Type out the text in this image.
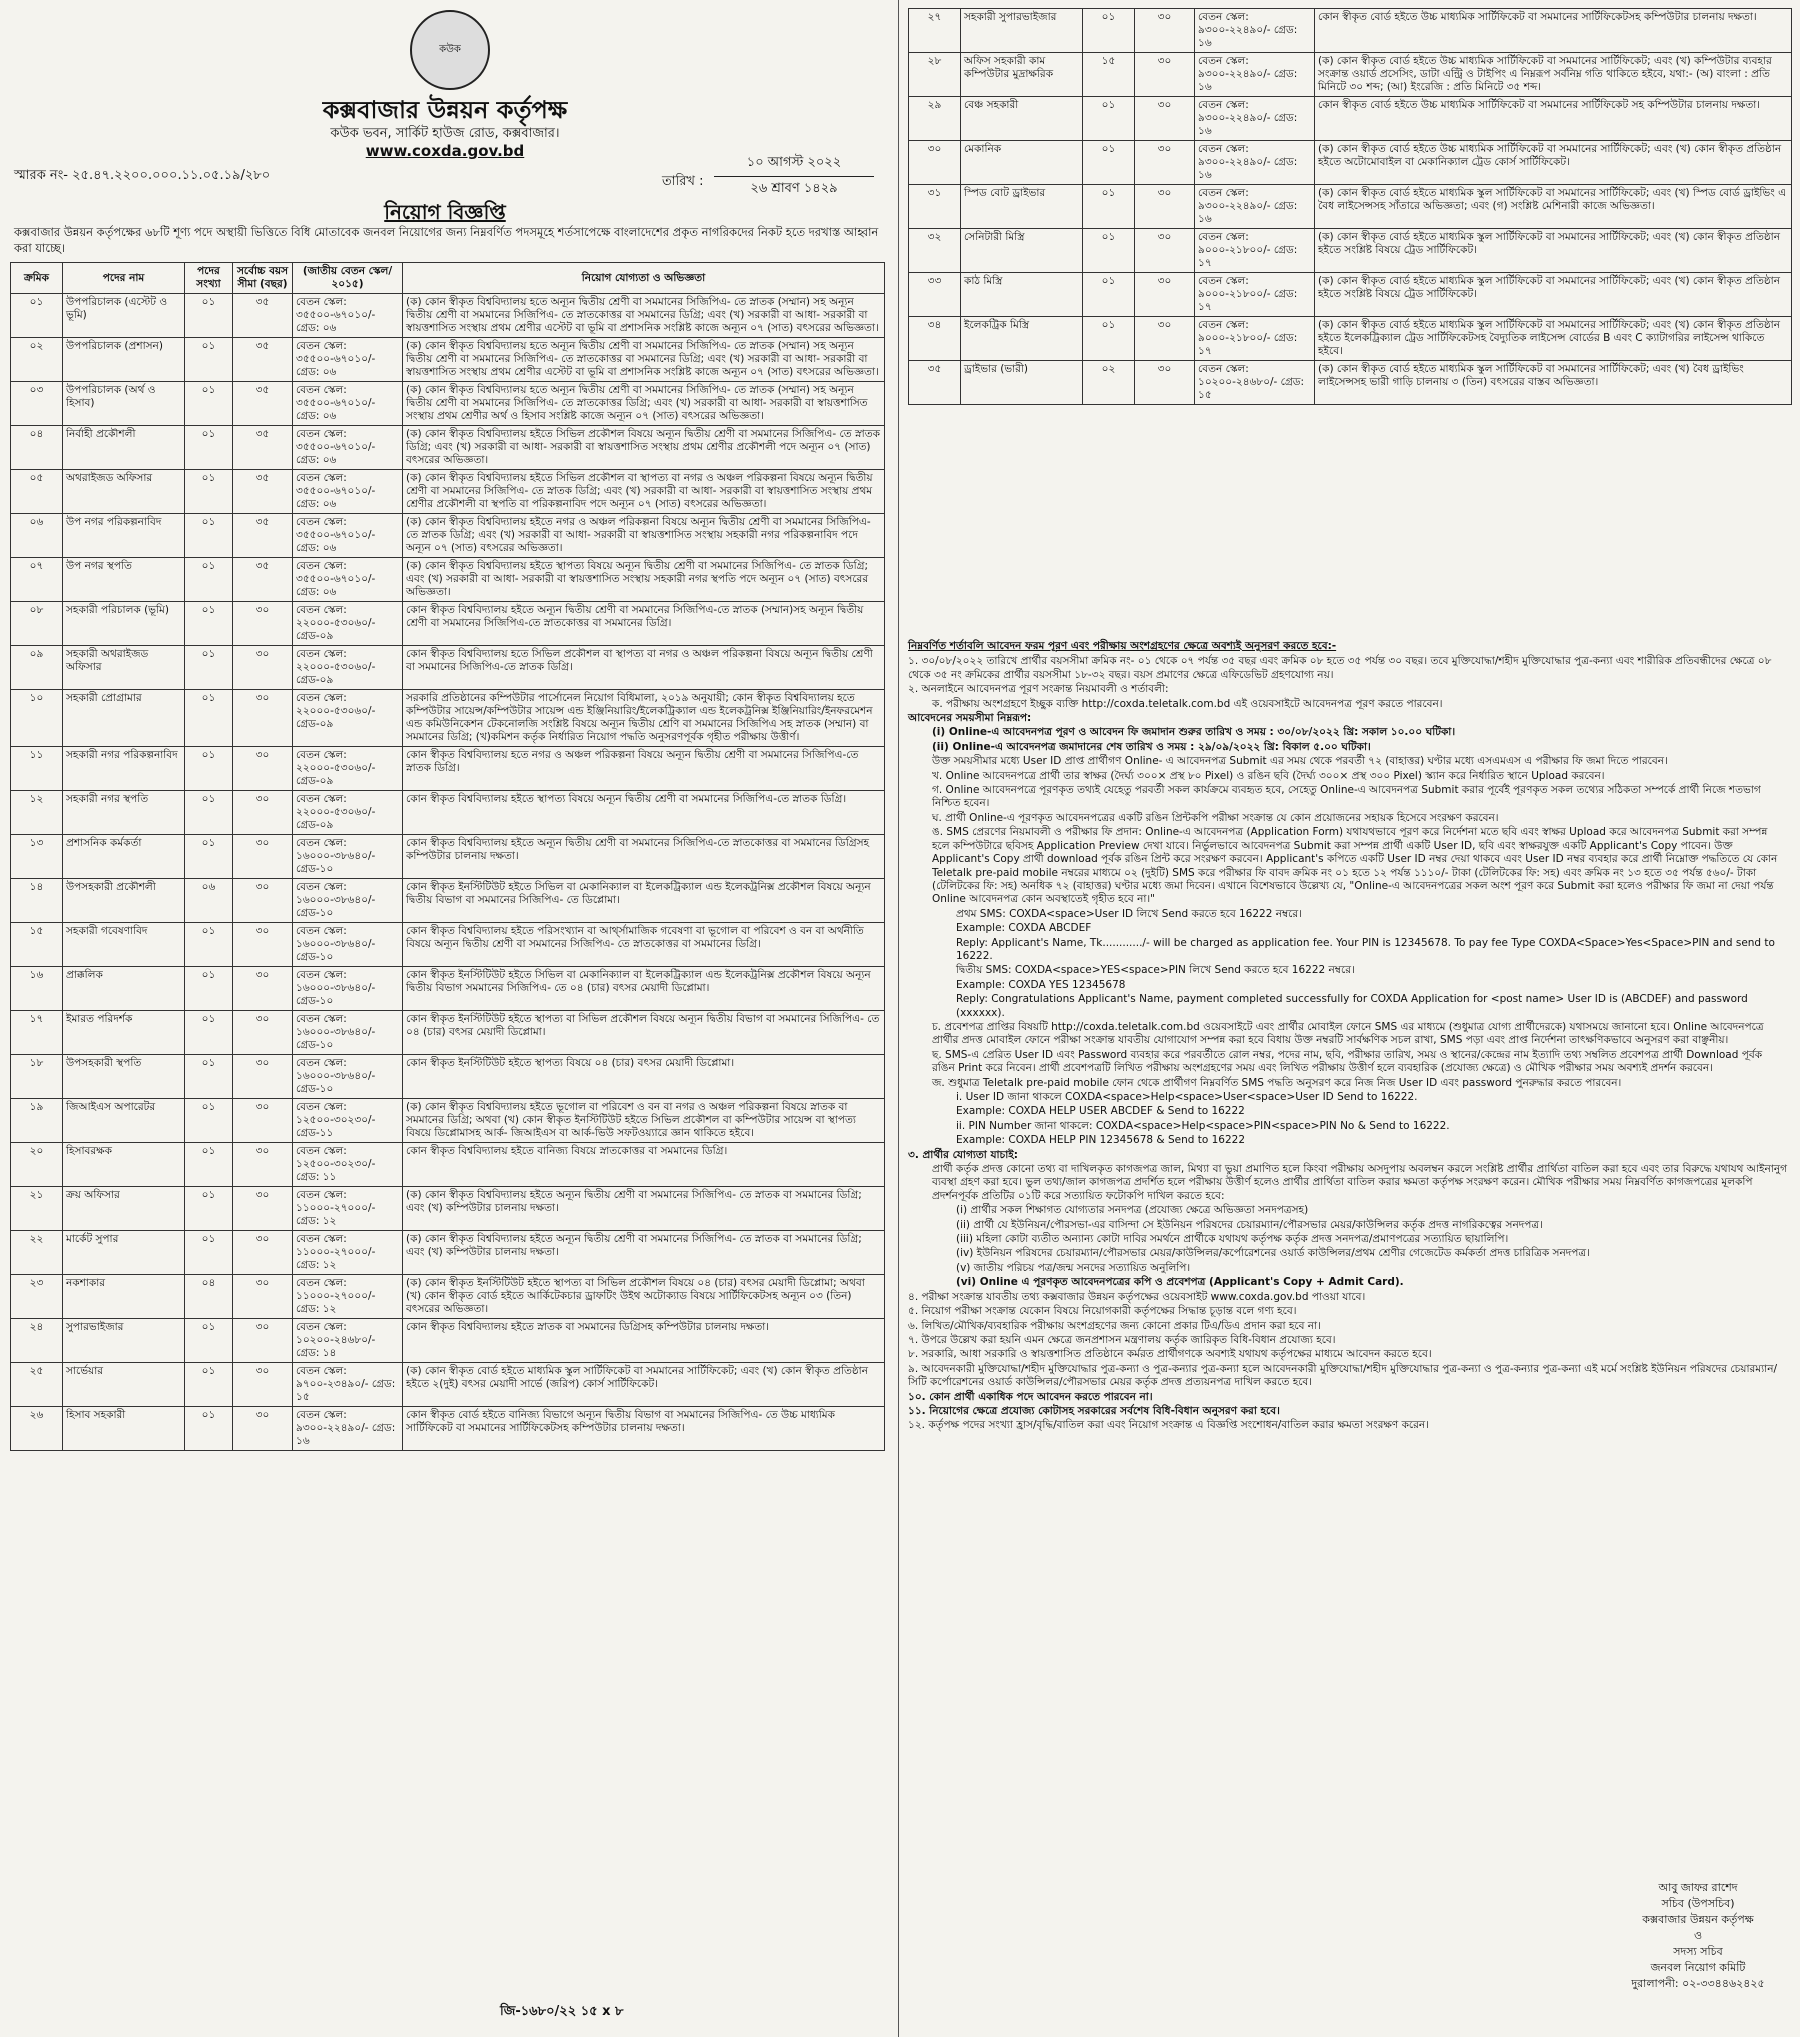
কউক
কক্সবাজার উন্নয়ন কর্তৃপক্ষ
কউক ভবন, সার্কিট হাউজ রোড, কক্সবাজার।
www.coxda.gov.bd
স্মারক নং- ২৫.৪৭.২২০০.০০০.১১.০৫.১৯/২৮০	তারিখ :
১০ আগস্ট ২০২২
২৬ শ্রাবণ ১৪২৯
নিয়োগ বিজ্ঞপ্তি
কক্সবাজার উন্নয়ন কর্তৃপক্ষের ৬৮টি শূণ্য পদে অস্থায়ী ভিত্তিতে বিধি মোতাবেক জনবল নিয়োগের জন্য নিম্নবর্ণিত পদসমূহে শর্তসাপেক্ষে বাংলাদেশের প্রকৃত নাগরিকদের নিকট হতে দরখাস্ত আহ্বান করা যাচ্ছে।
ক্রমিক	পদের নাম	পদের সংখ্যা	সর্বোচ্চ বয়স সীমা (বছর)	(জাতীয় বেতন স্কেল/২০১৫)	নিয়োগ যোগ্যতা ও অভিজ্ঞতা
০১	উপপরিচালক (এস্টেট ও ভূমি)	০১	৩৫	বেতন স্কেল: ৩৫৫০০-৬৭০১০/- গ্রেড: ০৬	(ক) কোন স্বীকৃত বিশ্ববিদ্যালয় হতে অন্যূন দ্বিতীয় শ্রেণী বা সমমানের সিজিপিএ- তে স্নাতক (সম্মান) সহ অন্যূন দ্বিতীয় শ্রেণী বা সমমানের সিজিপিএ- তে স্নাতকোত্তর বা সমমানের ডিগ্রি; এবং (খ) সরকারী বা আধা- সরকারী বা স্বায়ত্তশাসিত সংস্থায় প্রথম শ্রেণীর এস্টেট বা ভূমি বা প্রশাসনিক সংশ্লিষ্ট কাজে অন্যূন ০৭ (সাত) বৎসরের অভিজ্ঞতা।
০২	উপপরিচালক (প্রশাসন)	০১	৩৫	বেতন স্কেল: ৩৫৫০০-৬৭০১০/- গ্রেড: ০৬	(ক) কোন স্বীকৃত বিশ্ববিদ্যালয় হতে অন্যূন দ্বিতীয় শ্রেণী বা সমমানের সিজিপিএ- তে স্নাতক (সম্মান) সহ অন্যূন দ্বিতীয় শ্রেণী বা সমমানের সিজিপিএ- তে স্নাতকোত্তর বা সমমানের ডিগ্রি; এবং (খ) সরকারী বা আধা- সরকারী বা স্বায়ত্তশাসিত সংস্থায় প্রথম শ্রেণীর এস্টেট বা ভূমি বা প্রশাসনিক সংশ্লিষ্ট কাজে অন্যূন ০৭ (সাত) বৎসরের অভিজ্ঞতা।
০৩	উপপরিচালক (অর্থ ও হিসাব)	০১	৩৫	বেতন স্কেল: ৩৫৫০০-৬৭০১০/- গ্রেড: ০৬	(ক) কোন স্বীকৃত বিশ্ববিদ্যালয় হতে অন্যূন দ্বিতীয় শ্রেণী বা সমমানের সিজিপিএ- তে স্নাতক (সম্মান) সহ অন্যূন দ্বিতীয় শ্রেণী বা সমমানের সিজিপিএ- তে স্নাতকোত্তর ডিগ্রি; এবং (খ) সরকারী বা আধা- সরকারী বা স্বায়ত্তশাসিত সংস্থায় প্রথম শ্রেণীর অর্থ ও হিসাব সংশ্লিষ্ট কাজে অন্যূন ০৭ (সাত) বৎসরের অভিজ্ঞতা।
০৪	নির্বাহী প্রকৌশলী	০১	৩৫	বেতন স্কেল: ৩৫৫০০-৬৭০১০/- গ্রেড: ০৬	(ক) কোন স্বীকৃত বিশ্ববিদ্যালয় হইতে সিভিল প্রকৌশল বিষয়ে অন্যূন দ্বিতীয় শ্রেণী বা সমমানের সিজিপিএ- তে স্নাতক ডিগ্রি; এবং (খ) সরকারী বা আধা- সরকারী বা স্বায়ত্তশাসিত সংস্থায় প্রথম শ্রেণীর প্রকৌশলী পদে অন্যূন ০৭ (সাত) বৎসরের অভিজ্ঞতা।
০৫	অথরাইজড অফিসার	০১	৩৫	বেতন স্কেল: ৩৫৫০০-৬৭০১০/- গ্রেড: ০৬	(ক) কোন স্বীকৃত বিশ্ববিদ্যালয় হইতে সিভিল প্রকৌশল বা স্থাপত্য বা নগর ও অঞ্চল পরিকল্পনা বিষয়ে অন্যূন দ্বিতীয় শ্রেণী বা সমমানের সিজিপিএ- তে স্নাতক ডিগ্রি; এবং (খ) সরকারী বা আধা- সরকারী বা স্বায়ত্তশাসিত সংস্থায় প্রথম শ্রেণীর প্রকৌশলী বা স্থপতি বা পরিকল্পনাবিদ পদে অন্যূন ০৭ (সাত) বৎসরের অভিজ্ঞতা।
০৬	উপ নগর পরিকল্পনাবিদ	০১	৩৫	বেতন স্কেল: ৩৫৫০০-৬৭০১০/- গ্রেড: ০৬	(ক) কোন স্বীকৃত বিশ্ববিদ্যালয় হইতে নগর ও অঞ্চল পরিকল্পনা বিষয়ে অন্যূন দ্বিতীয় শ্রেণী বা সমমানের সিজিপিএ- তে স্নাতক ডিগ্রি; এবং (খ) সরকারী বা আধা- সরকারী বা স্বায়ত্তশাসিত সংস্থায় সহকারী নগর পরিকল্পনাবিদ পদে অন্যূন ০৭ (সাত) বৎসরের অভিজ্ঞতা।
০৭	উপ নগর স্থপতি	০১	৩৫	বেতন স্কেল: ৩৫৫০০-৬৭০১০/- গ্রেড: ০৬	(ক) কোন স্বীকৃত বিশ্ববিদ্যালয় হইতে স্থাপত্য বিষয়ে অন্যূন দ্বিতীয় শ্রেণী বা সমমানের সিজিপিএ- তে স্নাতক ডিগ্রি; এবং (খ) সরকারী বা আধা- সরকারী বা স্বায়ত্তশাসিত সংস্থায় সহকারী নগর স্থপতি পদে অন্যূন ০৭ (সাত) বৎসরের অভিজ্ঞতা।
০৮	সহকারী পরিচালক (ভূমি)	০১	৩০	বেতন স্কেল: ২২০০০-৫৩০৬০/- গ্রেড-০৯	কোন স্বীকৃত বিশ্ববিদ্যালয় হইতে অন্যূন দ্বিতীয় শ্রেণী বা সমমানের সিজিপিএ-তে স্নাতক (সম্মান)সহ অন্যূন দ্বিতীয় শ্রেণী বা সমমানের সিজিপিএ-তে স্নাতকোত্তর বা সমমানের ডিগ্রি।
০৯	সহকারী অথরাইজড অফিসার	০১	৩০	বেতন স্কেল: ২২০০০-৫৩০৬০/- গ্রেড-০৯	কোন স্বীকৃত বিশ্ববিদ্যালয় হতে সিভিল প্রকৌশল বা স্থাপত্য বা নগর ও অঞ্চল পরিকল্পনা বিষয়ে অন্যূন দ্বিতীয় শ্রেণী বা সমমানের সিজিপিএ-তে স্নাতক ডিগ্রি।
১০	সহকারী প্রোগ্রামার	০১	৩০	বেতন স্কেল: ২২০০০-৫৩০৬০/- গ্রেড-০৯	সরকারি প্রতিষ্ঠানের কম্পিউটার পার্সোনেল নিয়োগ বিধিমালা, ২০১৯ অনুযায়ী; কোন স্বীকৃত বিশ্ববিদ্যালয় হতে কম্পিউটার সায়েন্স/কম্পিউটার সায়েন্স এন্ড ইঞ্জিনিয়ারিং/ইলেকট্রিক্যাল এন্ড ইলেকট্রনিক্স ইঞ্জিনিয়ারিং/ইনফরমেশন এন্ড কমিউনিকেশন টেকনোলজি সংশ্লিষ্ট বিষয়ে অন্যূন দ্বিতীয় শ্রেণি বা সমমানের সিজিপিএ সহ স্নাতক (সম্মান) বা সমমানের ডিগ্রি; (খ)কমিশন কর্তৃক নির্ধারিত নিয়োগ পদ্ধতি অনুসরণপূর্বক গৃহীত পরীক্ষায় উত্তীর্ণ।
১১	সহকারী নগর পরিকল্পনাবিদ	০১	৩০	বেতন স্কেল: ২২০০০-৫৩০৬০/- গ্রেড-০৯	কোন স্বীকৃত বিশ্ববিদ্যালয় হতে নগর ও অঞ্চল পরিকল্পনা বিষয়ে অন্যূন দ্বিতীয় শ্রেণী বা সমমানের সিজিপিএ-তে স্নাতক ডিগ্রি।
১২	সহকারী নগর স্থপতি	০১	৩০	বেতন স্কেল: ২২০০০-৫৩০৬০/- গ্রেড-০৯	কোন স্বীকৃত বিশ্ববিদ্যালয় হইতে স্থাপত্য বিষয়ে অন্যূন দ্বিতীয় শ্রেণী বা সমমানের সিজিপিএ-তে স্নাতক ডিগ্রি।
১৩	প্রশাসনিক কর্মকর্তা	০১	৩০	বেতন স্কেল: ১৬০০০-৩৮৬৪০/- গ্রেড-১০	কোন স্বীকৃত বিশ্ববিদ্যালয় হইতে অন্যূন দ্বিতীয় শ্রেণী বা সমমানের সিজিপিএ-তে স্নাতকোত্তর বা সমমানের ডিগ্রিসহ কম্পিউটার চালনায় দক্ষতা।
১৪	উপসহকারী প্রকৌশলী	০৬	৩০	বেতন স্কেল: ১৬০০০-৩৮৬৪০/- গ্রেড-১০	কোন স্বীকৃত ইনস্টিটিউট হইতে সিভিল বা মেকানিক্যাল বা ইলেকট্রিক্যাল এন্ড ইলেকট্রনিক্স প্রকৌশল বিষয়ে অন্যূন দ্বিতীয় বিভাগ বা সমমানের সিজিপিএ- তে ডিপ্লোমা।
১৫	সহকারী গবেষণাবিদ	০১	৩০	বেতন স্কেল: ১৬০০০-৩৮৬৪০/- গ্রেড-১০	কোন স্বীকৃত বিশ্ববিদ্যালয় হইতে পরিসংখ্যান বা আর্থ্সামাজিক গবেষণা বা ভূগোল বা পরিবেশ ও বন বা অর্থনীতি বিষয়ে অন্যূন দ্বিতীয় শ্রেণী বা সমমানের সিজিপিএ- তে স্নাতকোত্তর বা সমমানের ডিগ্রি।
১৬	প্রাক্কলিক	০১	৩০	বেতন স্কেল: ১৬০০০-৩৮৬৪০/- গ্রেড-১০	কোন স্বীকৃত ইনস্টিটিউট হইতে সিভিল বা মেকানিক্যাল বা ইলেকট্রিক্যাল এন্ড ইলেকট্রনিক্স প্রকৌশল বিষয়ে অন্যূন দ্বিতীয় বিভাগ সমমানের সিজিপিএ- তে ০৪ (চার) বৎসর মেয়াদী ডিপ্লোমা।
১৭	ইমারত পরিদর্শক	০১	৩০	বেতন স্কেল: ১৬০০০-৩৮৬৪০/- গ্রেড-১০	কোন স্বীকৃত ইনস্টিটিউট হইতে স্থাপত্য বা সিভিল প্রকৌশল বিষয়ে অন্যূন দ্বিতীয় বিভাগ বা সমমানের সিজিপিএ- তে ০৪ (চার) বৎসর মেয়াদী ডিপ্লোমা।
১৮	উপসহকারী স্থপতি	০১	৩০	বেতন স্কেল: ১৬০০০-৩৮৬৪০/- গ্রেড-১০	কোন স্বীকৃত ইনস্টিটিউট হইতে স্থাপত্য বিষয়ে ০৪ (চার) বৎসর মেয়াদী ডিপ্লোমা।
১৯	জিআইএস অপারেটর	০১	৩০	বেতন স্কেল: ১২৫০০-৩০২৩০/- গ্রেড-১১	(ক) কোন স্বীকৃত বিশ্ববিদ্যালয় হইতে ভূগোল বা পরিবেশ ও বন বা নগর ও অঞ্চল পরিকল্পনা বিষয়ে স্নাতক বা সমমানের ডিগ্রি; অথবা (খ) কোন স্বীকৃত ইনস্টিটিউট হইতে সিভিল প্রকৌশল বা কম্পিউটার সায়েন্স বা স্থাপত্য বিষয়ে ডিপ্লোমাসহ আর্ক- জিআইএস বা আর্ক-ভিউ সফটওয়্যারে জ্ঞান থাকিতে হইবে।
২০	হিসাবরক্ষক	০১	৩০	বেতন স্কেল: ১২৫০০-৩০২৩০/- গ্রেড: ১১	কোন স্বীকৃত বিশ্ববিদ্যালয় হইতে বানিজ্য বিষয়ে স্নাতকোত্তর বা সমমানের ডিগ্রি।
২১	ক্রয় অফিসার	০১	৩০	বেতন স্কেল: ১১০০০-২৭০০০/- গ্রেড: ১২	(ক) কোন স্বীকৃত বিশ্ববিদ্যালয় হইতে অন্যূন দ্বিতীয় শ্রেণী বা সমমানের সিজিপিএ- তে স্নাতক বা সমমানের ডিগ্রি; এবং (খ) কম্পিউটার চালনায় দক্ষতা।
২২	মার্কেট সুপার	০১	৩০	বেতন স্কেল: ১১০০০-২৭০০০/- গ্রেড: ১২	(ক) কোন স্বীকৃত বিশ্ববিদ্যালয় হইতে অন্যূন দ্বিতীয় শ্রেণী বা সমমানের সিজিপিএ- তে স্নাতক বা সমমানের ডিগ্রি; এবং (খ) কম্পিউটার চালনায় দক্ষতা।
২৩	নকশাকার	০৪	৩০	বেতন স্কেল: ১১০০০-২৭০০০/- গ্রেড: ১২	(ক) কোন স্বীকৃত ইনস্টিটিউট হইতে স্থাপত্য বা সিভিল প্রকৌশল বিষয়ে ০৪ (চার) বৎসর মেয়াদী ডিপ্লোমা; অথবা (খ) কোন স্বীকৃত বোর্ড হইতে আর্কিটেকচার ড্রাফটিং উইথ অটোক্যাড বিষয়ে সার্টিফিকেটসহ অন্যূন ০৩ (তিন) বৎসরের অভিজ্ঞতা।
২৪	সুপারভাইজার	০১	৩০	বেতন স্কেল: ১০২০০-২৪৬৮০/- গ্রেড: ১৪	কোন স্বীকৃত বিশ্ববিদ্যালয় হইতে স্নাতক বা সমমানের ডিগ্রিসহ কম্পিউটার চালনায় দক্ষতা।
২৫	সার্ভেয়ার	০১	৩০	বেতন স্কেল: ৯৭০০-২৩৪৯০/- গ্রেড: ১৫	(ক) কোন স্বীকৃত বোর্ড হইতে মাধ্যমিক স্কুল সার্টিফিকেট বা সমমানের সার্টিফিকেট; এবং (খ) কোন স্বীকৃত প্রতিষ্ঠান হইতে ২(দুই) বৎসর মেয়াদী সার্ভে (জরিপ) কোর্স সার্টিফিকেট।
২৬	হিসাব সহকারী	০১	৩০	বেতন স্কেল: ৯৩০০-২২৪৯০/- গ্রেড: ১৬	কোন স্বীকৃত বোর্ড হইতে বানিজ্য বিভাগে অন্যূন দ্বিতীয় বিভাগ বা সমমানের সিজিপিএ- তে উচ্চ মাধ্যমিক সার্টিফিকেট বা সমমানের সার্টিফিকেটসহ কম্পিউটার চালনায় দক্ষতা।
২৭	সহকারী সুপারভাইজার	০১	৩০	বেতন স্কেল: ৯৩০০-২২৪৯০/- গ্রেড: ১৬	কোন স্বীকৃত বোর্ড হইতে উচ্চ মাধ্যমিক সার্টিফিকেট বা সমমানের সার্টিফিকেটসহ কম্পিউটার চালনায় দক্ষতা।
২৮	অফিস সহকারী কাম কম্পিউটার মুদ্রাক্ষরিক	১৫	৩০	বেতন স্কেল: ৯৩০০-২২৪৯০/- গ্রেড: ১৬	(ক) কোন স্বীকৃত বোর্ড হইতে উচ্চ মাধ্যমিক সার্টিফিকেট বা সমমানের সার্টিফিকেট; এবং (খ) কম্পিউটার ব্যবহার সংক্রান্ত ওয়ার্ড প্রসেসিং, ডাটা এন্ট্রি ও টাইপিং এ নিম্নরূপ সর্বনিম্ন গতি থাকিতে হইবে, যথা:- (অ) বাংলা : প্রতি মিনিটে ৩০ শব্দ; (আ) ইংরেজি : প্রতি মিনিটে ৩৫ শব্দ।
২৯	বেঞ্চ সহকারী	০১	৩০	বেতন স্কেল: ৯৩০০-২২৪৯০/- গ্রেড: ১৬	কোন স্বীকৃত বোর্ড হইতে উচ্চ মাধ্যমিক সার্টিফিকেট বা সমমানের সার্টিফিকেট সহ কম্পিউটার চালনায় দক্ষতা।
৩০	মেকানিক	০১	৩০	বেতন স্কেল: ৯৩০০-২২৪৯০/- গ্রেড: ১৬	(ক) কোন স্বীকৃত বোর্ড হইতে উচ্চ মাধ্যমিক সার্টিফিকেট বা সমমানের সার্টিফিকেট; এবং (খ) কোন স্বীকৃত প্রতিষ্ঠান হইতে অটোমোবাইল বা মেকানিক্যাল ট্রেড কোর্স সার্টিফিকেট।
৩১	স্পিড বোট ড্রাইভার	০১	৩০	বেতন স্কেল: ৯৩০০-২২৪৯০/- গ্রেড: ১৬	(ক) কোন স্বীকৃত বোর্ড হইতে মাধ্যমিক স্কুল সার্টিফিকেট বা সমমানের সার্টিফিকেট; এবং (খ) স্পিড বোর্ড ড্রাইভিং এ বৈধ লাইসেন্সসহ সাঁতারে অভিজ্ঞতা; এবং (গ) সংশ্লিষ্ট মেশিনারী কাজে অভিজ্ঞতা।
৩২	সেনিটারী মিস্ত্রি	০১	৩০	বেতন স্কেল: ৯০০০-২১৮০০/- গ্রেড: ১৭	(ক) কোন স্বীকৃত বোর্ড হইতে মাধ্যমিক স্কুল সার্টিফিকেট বা সমমানের সার্টিফিকেট; এবং (খ) কোন স্বীকৃত প্রতিষ্ঠান হইতে সংশ্লিষ্ট বিষয়ে ট্রেড সার্টিফিকেট।
৩৩	কাঠ মিস্ত্রি	০১	৩০	বেতন স্কেল: ৯০০০-২১৮০০/- গ্রেড: ১৭	(ক) কোন স্বীকৃত বোর্ড হইতে মাধ্যমিক স্কুল সার্টিফিকেট বা সমমানের সার্টিফিকেট; এবং (খ) কোন স্বীকৃত প্রতিষ্ঠান হইতে সংশ্লিষ্ট বিষয়ে ট্রেড সার্টিফিকেট।
৩৪	ইলেকট্রিক মিস্ত্রি	০১	৩০	বেতন স্কেল: ৯০০০-২১৮০০/- গ্রেড: ১৭	(ক) কোন স্বীকৃত বোর্ড হইতে মাধ্যমিক স্কুল সার্টিফিকেট বা সমমানের সার্টিফিকেট; এবং (খ) কোন স্বীকৃত প্রতিষ্ঠান হইতে ইলেকট্রিক্যাল ট্রেড সার্টিফিকেটসহ বৈদ্যুতিক লাইসেন্স বোর্ডের B এবং C ক্যাটাগরির লাইসেন্স থাকিতে হইবে।
৩৫	ড্রাইভার (ভারী)	০২	৩০	বেতন স্কেল: ১০২০০-২৪৬৮০/- গ্রেড: ১৫	(ক) কোন স্বীকৃত বোর্ড হইতে মাধ্যমিক স্কুল সার্টিফিকেট বা সমমানের সার্টিফিকেট; এবং (খ) বৈধ ড্রাইভিং লাইসেন্সসহ ভারী গাড়ি চালনায় ৩ (তিন) বৎসরের বাস্তব অভিজ্ঞতা।
নিম্নবর্ণিত শর্তাবলি আবেদন ফরম পূরণ এবং পরীক্ষায় অংশগ্রহণের ক্ষেত্রে অবশ্যই অনুসরণ করতে হবে:-

১. ৩০/০৮/২০২২ তারিখে প্রার্থীর বয়সসীমা ক্রমিক নং- ০১ থেকে ০৭ পর্যন্ত ৩৫ বছর এবং ক্রমিক ০৮ হতে ৩৫ পর্যন্ত ৩০ বছর। তবে মুক্তিযোদ্ধা/শহীদ মুক্তিযোদ্ধার পুত্র-কন্যা এবং শারীরিক প্রতিবন্ধীদের ক্ষেত্রে ০৮ থেকে ৩৫ নং ক্রমিকের প্রার্থীর বয়সসীমা ১৮-৩২ বছর। বয়স প্রমাণের ক্ষেত্রে এফিডেভিট গ্রহণযোগ্য নয়।

২. অনলাইনে আবেদনপত্র পূরণ সংক্রান্ত নিয়মাবলী ও শর্তাবলী:

ক. পরীক্ষায় অংশগ্রহণে ইচ্ছুক ব্যক্তি http://coxda.teletalk.com.bd এই ওয়েবসাইটে আবেদনপত্র পূরণ করতে পারবেন।

আবেদনের সময়সীমা নিম্নরূপ:

(i) Online-এ আবেদনপত্র পূরণ ও আবেদন ফি জমাদান শুরুর তারিখ ও সময় : ৩০/০৮/২০২২ খ্রি: সকাল ১০.০০ ঘটিকা।

(ii) Online-এ আবেদনপত্র জমাদানের শেষ তারিখ ও সময় : ২৯/০৯/২০২২ খ্রি: বিকাল ৫.০০ ঘটিকা।

উক্ত সময়সীমার মধ্যে User ID প্রাপ্ত প্রার্থীগণ Online- এ আবেদনপত্র Submit এর সময় থেকে পরবর্তী ৭২ (বাহাত্তর) ঘণ্টার মধ্যে এসএমএস এ পরীক্ষার ফি জমা দিতে পারবেন।

খ. Online আবেদনপত্রে প্রার্থী তার স্বাক্ষর (দৈর্ঘ্য ৩০০× প্রস্থ ৮০ Pixel) ও রঙিন ছবি (দৈর্ঘ্য ৩০০× প্রস্থ ৩০০ Pixel) স্ক্যান করে নির্ধারিত স্থানে Upload করবেন।

গ. Online আবেদনপত্রে পূরণকৃত তথ্যই যেহেতু পরবর্তী সকল কার্যক্রমে ব্যবহৃত হবে, সেহেতু Online-এ আবেদনপত্র Submit করার পূর্বেই পূরণকৃত সকল তথ্যের সঠিকতা সম্পর্কে প্রার্থী নিজে শতভাগ নিশ্চিত হবেন।

ঘ. প্রার্থী Online-এ পূরণকৃত আবেদনপত্রের একটি রঙিন প্রিন্টকপি পরীক্ষা সংক্রান্ত যে কোন প্রয়োজনের সহায়ক হিসেবে সংরক্ষণ করবেন।

ঙ. SMS প্রেরণের নিয়মাবলী ও পরীক্ষার ফি প্রদান: Online-এ আবেদনপত্র (Application Form) যথাযথভাবে পূরণ করে নির্দেশনা মতে ছবি এবং স্বাক্ষর Upload করে আবেদনপত্র Submit করা সম্পন্ন হলে কম্পিউটারে ছবিসহ Application Preview দেখা যাবে। নির্ভুলভাবে আবেদনপত্র Submit করা সম্পন্ন প্রার্থী একটি User ID, ছবি এবং স্বাক্ষরযুক্ত একটি Applicant's Copy পাবেন। উক্ত Applicant's Copy প্রার্থী download পূর্বক রঙিন প্রিন্ট করে সংরক্ষণ করবেন। Applicant's কপিতে একটি User ID নম্বর দেয়া থাকবে এবং User ID নম্বর ব্যবহার করে প্রার্থী নিম্নোক্ত পদ্ধতিতে যে কোন Teletalk pre-paid mobile নম্বরের মাধ্যমে ০২ (দুইটি) SMS করে পরীক্ষার ফি বাবদ ক্রমিক নং ০১ হতে ১২ পর্যন্ত ১১১০/- টাকা (টেলিটকের ফি: সহ) এবং ক্রমিক নং ১৩ হতে ৩৫ পর্যন্ত ৫৬০/- টাকা (টেলিটকের ফি: সহ) অনধিক ৭২ (বাহাত্তর) ঘণ্টার মধ্যে জমা দিবেন। এখানে বিশেষভাবে উল্লেখ্য যে, "Online-এ আবেদনপত্রের সকল অংশ পূরণ করে Submit করা হলেও পরীক্ষার ফি জমা না দেয়া পর্যন্ত Online আবেদনপত্র কোন অবস্থাতেই গৃহীত হবে না।"

প্রথম SMS: COXDA<space>User ID লিখে Send করতে হবে 16222 নম্বরে।

Example: COXDA ABCDEF

Reply: Applicant's Name, Tk............/- will be charged as application fee. Your PIN is 12345678. To pay fee Type COXDA<Space>Yes<Space>PIN and send to 16222.

দ্বিতীয় SMS: COXDA<space>YES<space>PIN লিখে Send করতে হবে 16222 নম্বরে।

Example: COXDA YES 12345678

Reply: Congratulations Applicant's Name, payment completed successfully for COXDA Application for <post name> User ID is (ABCDEF) and password (xxxxxx).

চ. প্রবেশপত্র প্রাপ্তির বিষয়টি http://coxda.teletalk.com.bd ওয়েবসাইটে এবং প্রার্থীর মোবাইল ফোনে SMS এর মাধ্যমে (শুধুমাত্র যোগ্য প্রার্থীদেরকে) যথাসময়ে জানানো হবে। Online আবেদনপত্রে প্রার্থীর প্রদত্ত মোবাইল ফোনে পরীক্ষা সংক্রান্ত যাবতীয় যোগাযোগ সম্পন্ন করা হবে বিধায় উক্ত নম্বরটি সার্বক্ষণিক সচল রাখা, SMS পড়া এবং প্রাপ্ত নির্দেশনা তাৎক্ষণিকভাবে অনুসরণ করা বাঞ্ছনীয়।

ছ. SMS-এ প্রেরিত User ID এবং Password ব্যবহার করে পরবর্তীতে রোল নম্বর, পদের নাম, ছবি, পরীক্ষার তারিখ, সময় ও স্থানের/কেন্দ্রের নাম ইত্যাদি তথ্য সম্বলিত প্রবেশপত্র প্রার্থী Download পূর্বক রঙিন Print করে নিবেন। প্রার্থী প্রবেশপত্রটি লিখিত পরীক্ষায় অংশগ্রহণের সময় এবং লিখিত পরীক্ষায় উত্তীর্ণ হলে ব্যবহারিক (প্রযোজ্য ক্ষেত্রে) ও মৌখিক পরীক্ষার সময় অবশ্যই প্রদর্শন করবেন।

জ. শুধুমাত্র Teletalk pre-paid mobile ফোন থেকে প্রার্থীগণ নিম্নবর্ণিত SMS পদ্ধতি অনুসরণ করে নিজ নিজ User ID এবং password পুনরুদ্ধার করতে পারবেন।

i. User ID জানা থাকলে COXDA<space>Help<space>User<space>User ID Send to 16222.

Example: COXDA HELP USER ABCDEF & Send to 16222

ii. PIN Number জানা থাকলে: COXDA<space>Help<space>PIN<space>PIN No & Send to 16222.

Example: COXDA HELP PIN 12345678 & Send to 16222

৩. প্রার্থীর যোগ্যতা যাচাই:

প্রার্থী কর্তৃক প্রদত্ত কোনো তথ্য বা দাখিলকৃত কাগজপত্র জাল, মিথ্যা বা ভুয়া প্রমাণিত হলে কিংবা পরীক্ষায় অসদুপায় অবলম্বন করলে সংশ্লিষ্ট প্রার্থীর প্রার্থিতা বাতিল করা হবে এবং তার বিরুদ্ধে যথাযথ আইনানুগ ব্যবস্থা গ্রহণ করা হবে। ভুল তথ্য/জাল কাগজপত্র প্রদর্শিত হলে পরীক্ষায় উত্তীর্ণ হলেও প্রার্থীর প্রার্থিতা বাতিল করার ক্ষমতা কর্তৃপক্ষ সংরক্ষণ করেন। মৌখিক পরীক্ষার সময় নিম্নবর্ণিত কাগজপত্রের মূলকপি প্রদর্শনপূর্বক প্রতিটির ০১টি করে সত্যায়িত ফটোকপি দাখিল করতে হবে:

(i) প্রার্থীর সকল শিক্ষাগত যোগ্যতার সনদপত্র (প্রযোজ্য ক্ষেত্রে অভিজ্ঞতা সনদপত্রসহ)

(ii) প্রার্থী যে ইউনিয়ন/পৌরসভা-এর বাসিন্দা সে ইউনিয়ন পরিষদের চেয়ারম্যান/পৌরসভার মেয়র/কাউন্সিলর কর্তৃক প্রদত্ত নাগরিকত্বের সনদপত্র।

(iii) মহিলা কোটা ব্যতীত অন্যান্য কোটা দাবির সমর্থনে প্রার্থীকে যথাযথ কর্তৃপক্ষ কর্তৃক প্রদত্ত সনদপত্র/প্রমাণপত্রের সত্যায়িত ছায়ালিপি।

(iv) ইউনিয়ন পরিষদের চেয়ারম্যান/পৌরসভার মেয়র/কাউন্সিলর/কর্পোরেশনের ওয়ার্ড কাউন্সিলর/প্রথম শ্রেণীর গেজেটেড কর্মকর্তা প্রদত্ত চারিত্রিক সনদপত্র।

(v) জাতীয় পরিচয় পত্র/জন্ম সনদের সত্যায়িত অনুলিপি।

(vi) Online এ পূরণকৃত আবেদনপত্রের কপি ও প্রবেশপত্র (Applicant's Copy + Admit Card).

৪. পরীক্ষা সংক্রান্ত যাবতীয় তথ্য কক্সবাজার উন্নয়ন কর্তৃপক্ষের ওয়েবসাইট www.coxda.gov.bd পাওয়া যাবে।

৫. নিয়োগ পরীক্ষা সংক্রান্ত যেকোন বিষয়ে নিয়োগকারী কর্তৃপক্ষের সিদ্ধান্ত চূড়ান্ত বলে গণ্য হবে।

৬. লিখিত/মৌখিক/ব্যবহারিক পরীক্ষায় অংশগ্রহণের জন্য কোনো প্রকার টিএ/ডিএ প্রদান করা হবে না।

৭. উপরে উল্লেখ করা হয়নি এমন ক্ষেত্রে জনপ্রশাসন মন্ত্রণালয় কর্তৃক জারিকৃত বিধি-বিধান প্রযোজ্য হবে।

৮. সরকারি, আধা সরকারি ও স্বায়ত্তশাসিত প্রতিষ্ঠানে কর্মরত প্রার্থীগণকে অবশ্যই যথাযথ কর্তৃপক্ষের মাধ্যমে আবেদন করতে হবে।

৯. আবেদনকারী মুক্তিযোদ্ধা/শহীদ মুক্তিযোদ্ধার পুত্র-কন্যা ও পুত্র-কন্যার পুত্র-কন্যা হলে আবেদনকারী মুক্তিযোদ্ধা/শহীদ মুক্তিযোদ্ধার পুত্র-কন্যা ও পুত্র-কন্যার পুত্র-কন্যা এই মর্মে সংশ্লিষ্ট ইউনিয়ন পরিষদের চেয়ারম্যান/সিটি কর্পোরেশনের ওয়ার্ড কাউন্সিলর/পৌরসভার মেয়র কর্তৃক প্রদত্ত প্রত্যয়নপত্র দাখিল করতে হবে।

১০. কোন প্রার্থী একাধিক পদে আবেদন করতে পারবেন না।

১১. নিয়োগের ক্ষেত্রে প্রযোজ্য কোটাসহ সরকারের সর্বশেষ বিধি-বিধান অনুসরণ করা হবে।

১২. কর্তৃপক্ষ পদের সংখ্যা হ্রাস/বৃদ্ধি/বাতিল করা এবং নিয়োগ সংক্রান্ত এ বিজ্ঞপ্তি সংশোধন/বাতিল করার ক্ষমতা সংরক্ষণ করেন।

আবু জাফর রাশেদ
সচিব (উপসচিব)
কক্সবাজার উন্নয়ন কর্তৃপক্ষ
ও
সদস্য সচিব
জনবল নিয়োগ কমিটি
দুরালাপনী: ০২-৩৩৪৪৬২৪২৫
জি-১৬৮০/২২ ১৫ x ৮
